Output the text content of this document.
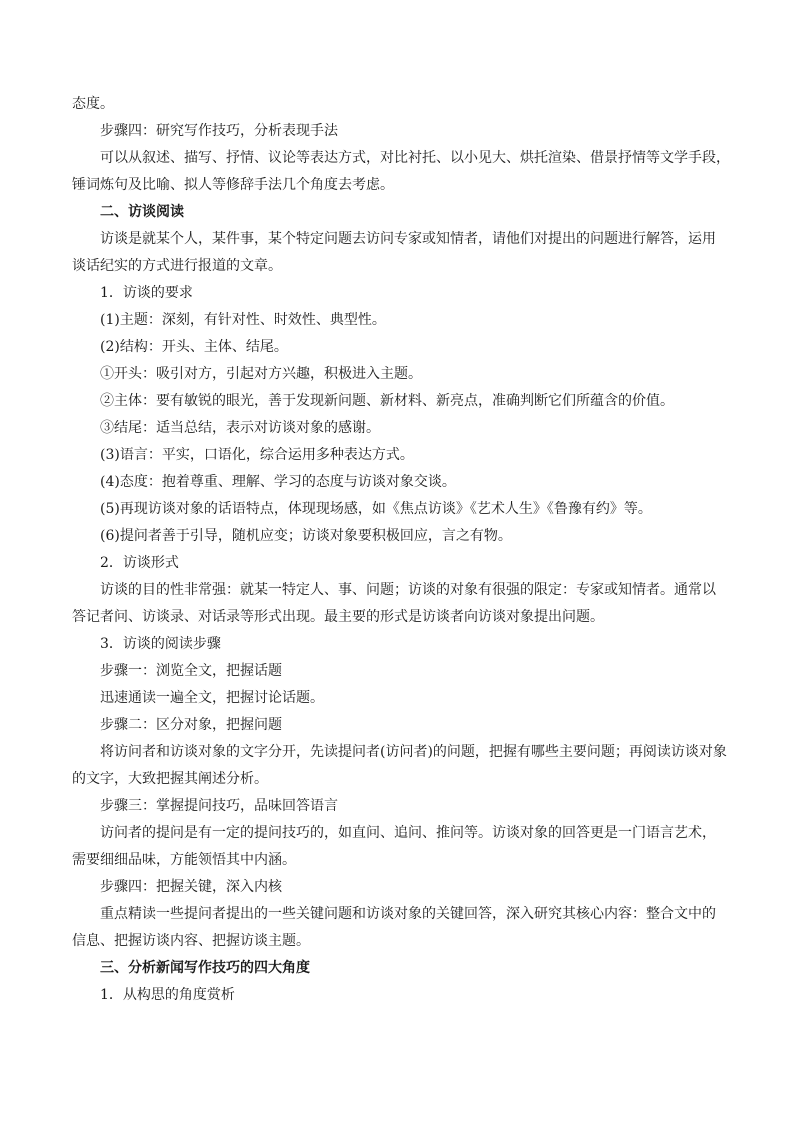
态度。
步骤四：研究写作技巧，分析表现手法
可以从叙述、描写、抒情、议论等表达方式，对比衬托、以小见大、烘托渲染、借景抒情等文学手段，
锤词炼句及比喻、拟人等修辞手法几个角度去考虑。
二、访谈阅读
访谈是就某个人，某件事，某个特定问题去访问专家或知情者，请他们对提出的问题进行解答，运用
谈话纪实的方式进行报道的文章。
1．访谈的要求
(1)主题：深刻，有针对性、时效性、典型性。
(2)结构：开头、主体、结尾。
①开头：吸引对方，引起对方兴趣，积极进入主题。
②主体：要有敏锐的眼光，善于发现新问题、新材料、新亮点，准确判断它们所蕴含的价值。
③结尾：适当总结，表示对访谈对象的感谢。
(3)语言：平实，口语化，综合运用多种表达方式。
(4)态度：抱着尊重、理解、学习的态度与访谈对象交谈。
(5)再现访谈对象的话语特点，体现现场感，如《焦点访谈》《艺术人生》《鲁豫有约》等。
(6)提问者善于引导，随机应变；访谈对象要积极回应，言之有物。
2．访谈形式
访谈的目的性非常强：就某一特定人、事、问题；访谈的对象有很强的限定：专家或知情者。通常以
答记者问、访谈录、对话录等形式出现。最主要的形式是访谈者向访谈对象提出问题。
3．访谈的阅读步骤
步骤一：浏览全文，把握话题
迅速通读一遍全文，把握讨论话题。
步骤二：区分对象，把握问题
将访问者和访谈对象的文字分开，先读提问者(访问者)的问题，把握有哪些主要问题；再阅读访谈对象
的文字，大致把握其阐述分析。
步骤三：掌握提问技巧，品味回答语言
访问者的提问是有一定的提问技巧的，如直问、追问、推问等。访谈对象的回答更是一门语言艺术，
需要细细品味，方能领悟其中内涵。
步骤四：把握关键，深入内核
重点精读一些提问者提出的一些关键问题和访谈对象的关键回答，深入研究其核心内容：整合文中的
信息、把握访谈内容、把握访谈主题。
三、分析新闻写作技巧的四大角度
1．从构思的角度赏析
